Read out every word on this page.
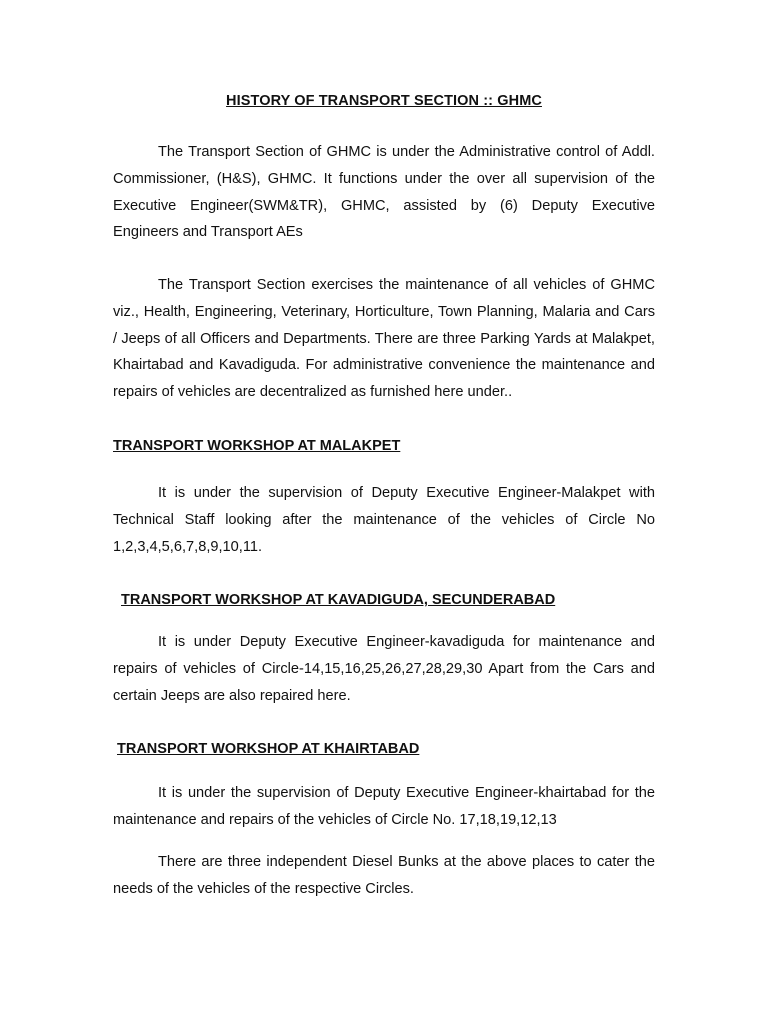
HISTORY OF TRANSPORT SECTION :: GHMC

The Transport Section of GHMC is under the Administrative control of Addl. Commissioner, (H&S), GHMC. It functions under the over all supervision of the Executive Engineer(SWM&TR), GHMC, assisted by (6) Deputy Executive Engineers and Transport AEs

The Transport Section exercises the maintenance of all vehicles of GHMC viz., Health, Engineering, Veterinary, Horticulture, Town Planning, Malaria and Cars / Jeeps of all Officers and Departments. There are three Parking Yards at Malakpet, Khairtabad and Kavadiguda. For administrative convenience the maintenance and repairs of vehicles are decentralized as furnished here under..

TRANSPORT WORKSHOP AT MALAKPET

It is under the supervision of Deputy Executive Engineer-Malakpet with Technical Staff looking after the maintenance of the vehicles of Circle No 1,2,3,4,5,6,7,8,9,10,11.

TRANSPORT WORKSHOP AT KAVADIGUDA, SECUNDERABAD

It is under Deputy Executive Engineer-kavadiguda for maintenance and repairs of vehicles of Circle-14,15,16,25,26,27,28,29,30 Apart from the Cars and certain Jeeps are also repaired here.

TRANSPORT WORKSHOP AT KHAIRTABAD

It is under the supervision of Deputy Executive Engineer-khairtabad for the maintenance and repairs of the vehicles of Circle No. 17,18,19,12,13

There are three independent Diesel Bunks at the above places to cater the needs of the vehicles of the respective Circles.
